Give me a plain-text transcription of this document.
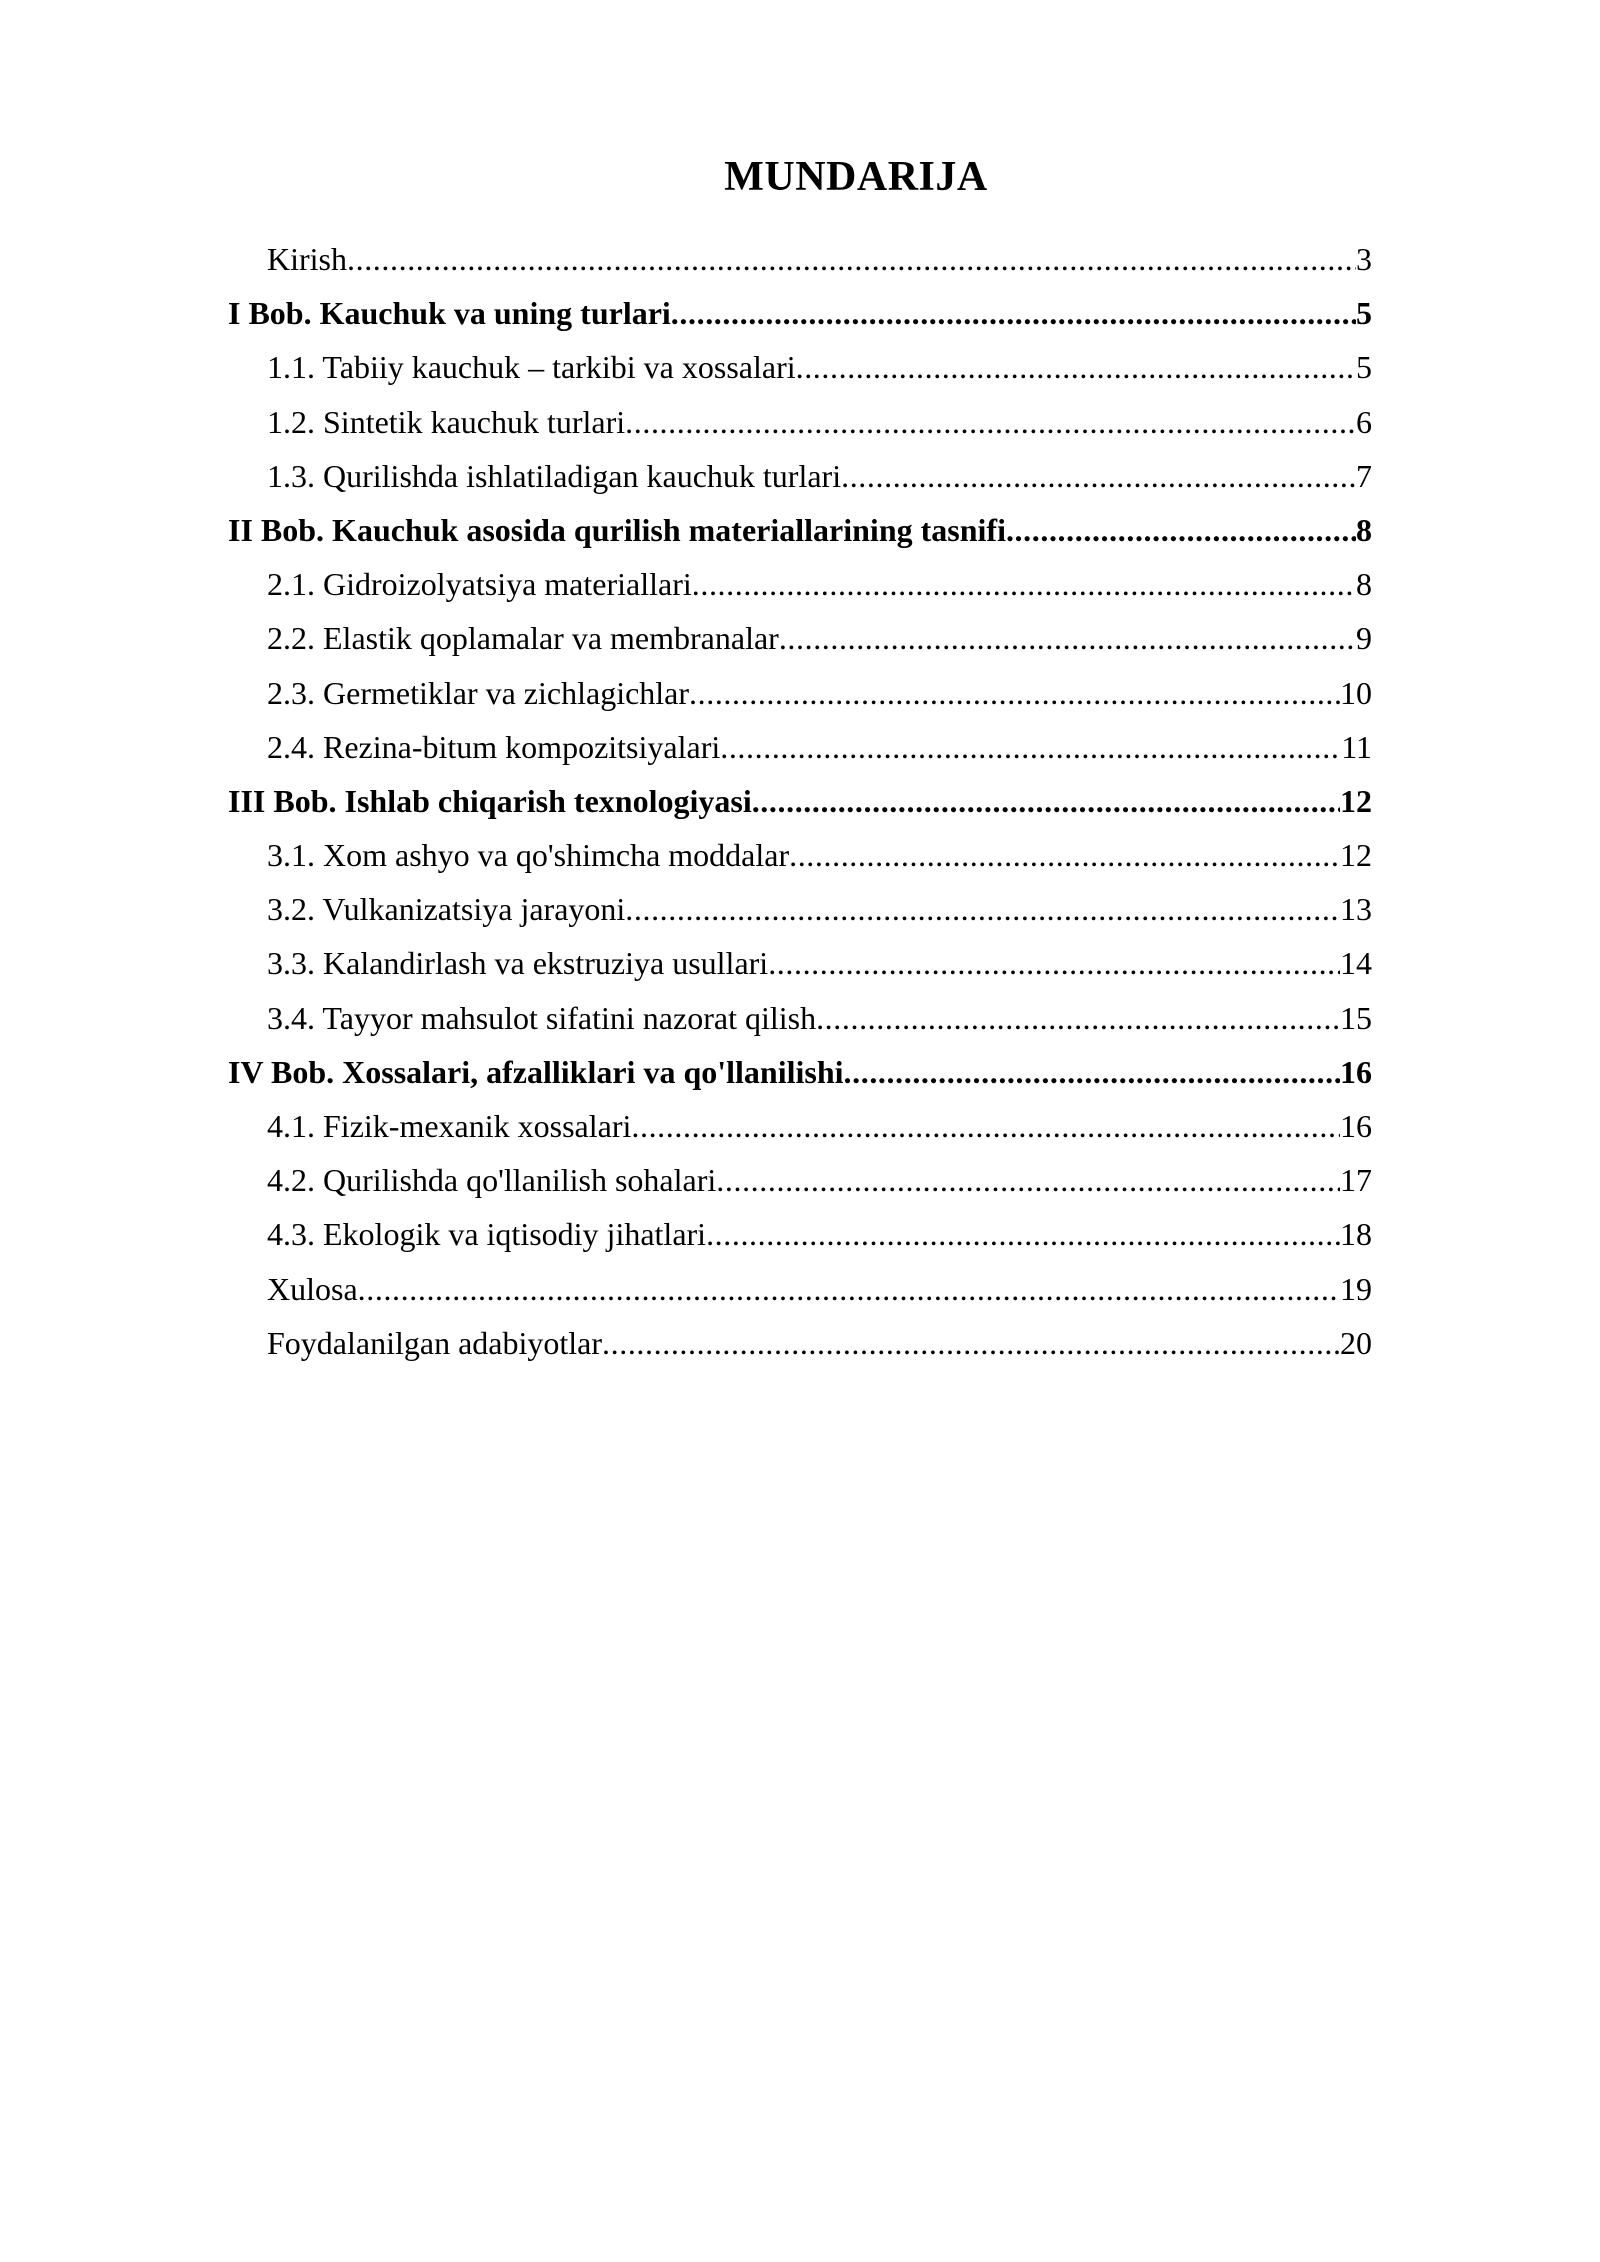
MUNDARIJA
Kirish .....	3
I Bob. Kauchuk va uning turlari .....	5
1.1. Tabiiy kauchuk – tarkibi va xossalari .....	5
1.2. Sintetik kauchuk turlari .....	6
1.3. Qurilishda ishlatiladigan kauchuk turlari .....	7
II Bob. Kauchuk asosida qurilish materiallarining tasnifi .....	8
2.1. Gidroizolyatsiya materiallari .....	8
2.2. Elastik qoplamalar va membranalar .....	9
2.3. Germetiklar va zichlagichlar .....	10
2.4. Rezina-bitum kompozitsiyalari .....	11
III Bob. Ishlab chiqarish texnologiyasi .....	12
3.1. Xom ashyo va qo'shimcha moddalar .....	12
3.2. Vulkanizatsiya jarayoni .....	13
3.3. Kalandirlash va ekstruziya usullari .....	14
3.4. Tayyor mahsulot sifatini nazorat qilish .....	15
IV Bob. Xossalari, afzalliklari va qo'llanilishi .....	16
4.1. Fizik-mexanik xossalari .....	16
4.2. Qurilishda qo'llanilish sohalari .....	17
4.3. Ekologik va iqtisodiy jihatlari .....	18
Xulosa .....	19
Foydalanilgan adabiyotlar .....	20
